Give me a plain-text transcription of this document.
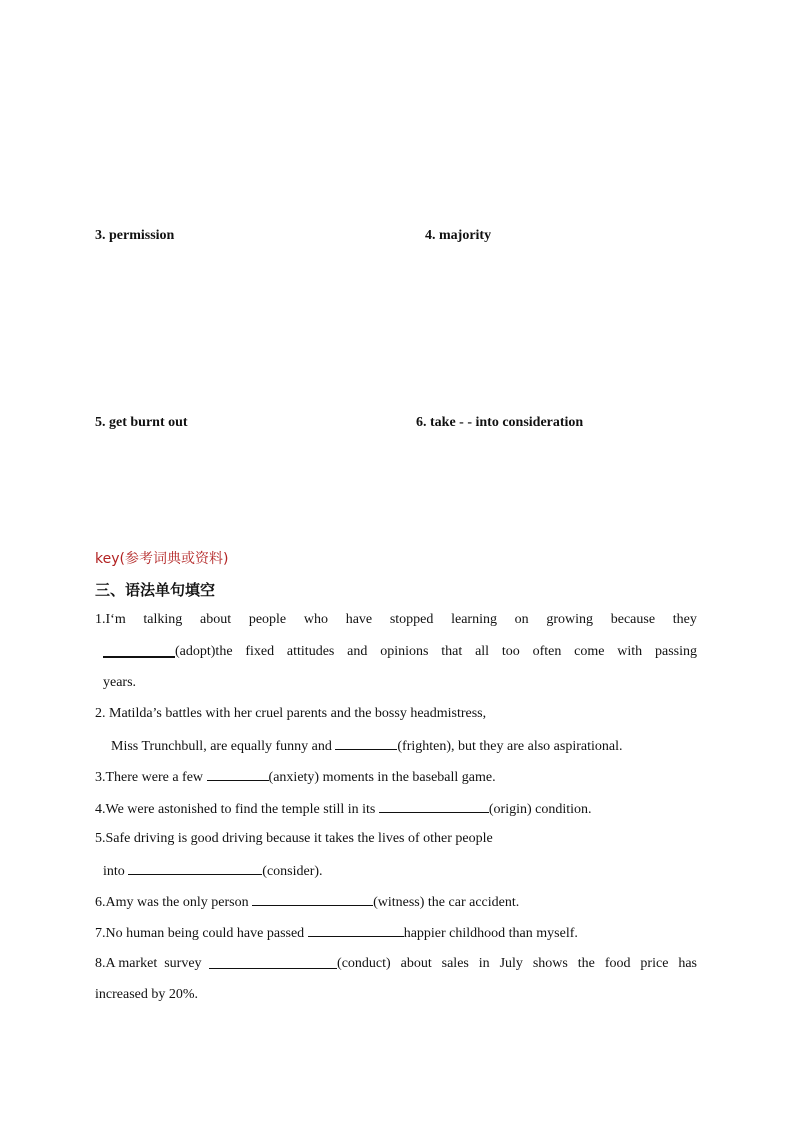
3. permission	4. majority
5. get burnt out	6. take - - into consideration
key(参考词典或资料)
三、语法单句填空
1.I‘m talking about people who have stopped learning on growing because they
(adopt)the fixed attitudes and opinions that all too often come with passing
years.
2. Matilda’s battles with her cruel parents and the bossy headmistress,
Miss Trunchbull, are equally funny and	(frighten), but they are also aspirational.
3.There were a few	(anxiety) moments in the baseball game.
4.We were astonished to find the temple still in its	(origin) condition.
5.Safe driving is good driving because it takes the lives of other people
into	(consider).
6.Amy was the only person	(witness) the car accident.
7.No human being could have passed	happier childhood than myself.
8.A market  survey	(conduct) about sales in July shows the food price has
increased by 20%.
